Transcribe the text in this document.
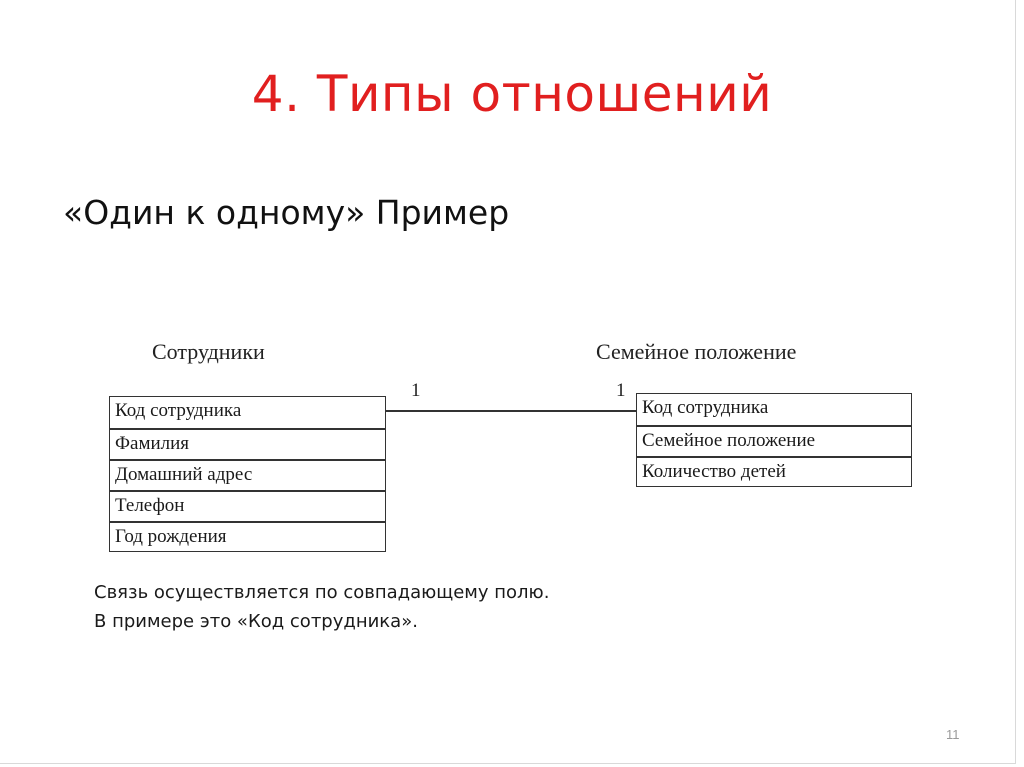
4. Типы отношений
«Один к одному» Пример
Сотрудники
Код сотрудника
Фамилия
Домашний адрес
Телефон
Год рождения
Семейное положение
Код сотрудника
Семейное положение
Количество детей
1	1
Связь осуществляется по совпадающему полю.
В примере это «Код сотрудника».
11
